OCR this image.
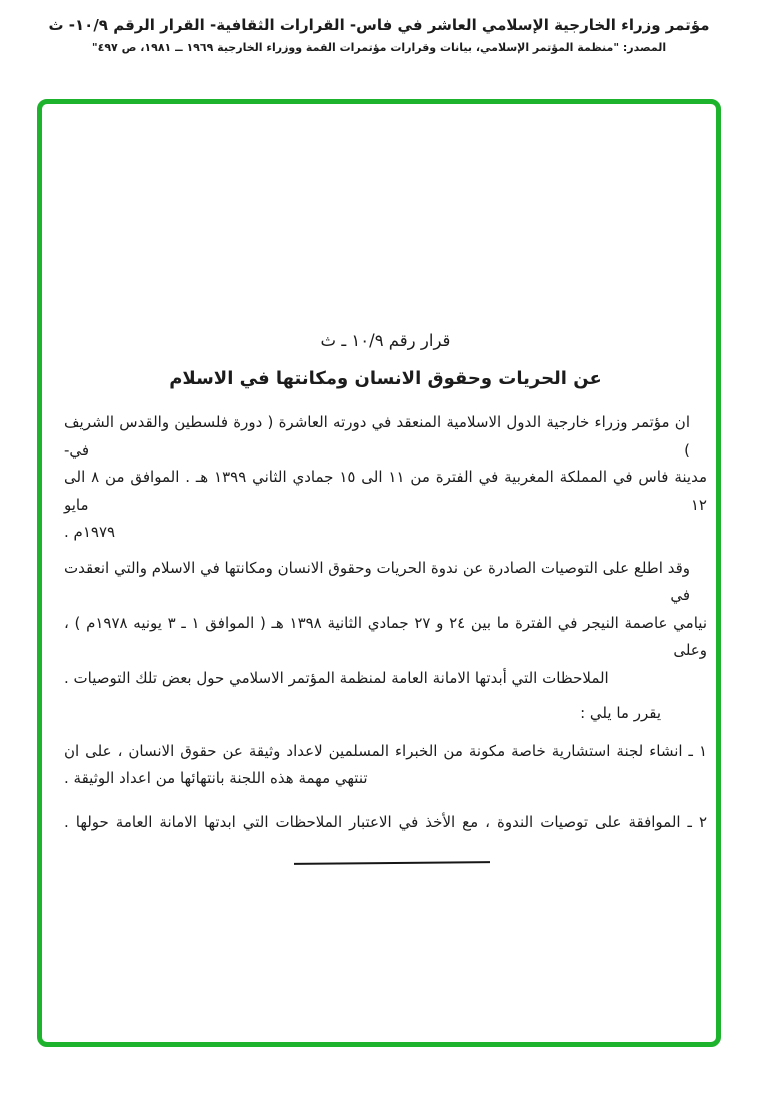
مؤتمر وزراء الخارجية الإسلامي العاشر في فاس- القرارات الثقافية- القرار الرقم ١٠/٩- ث
المصدر: "منظمة المؤتمر الإسلامي، بيانات وقرارات مؤتمرات القمة ووزراء الخارجية ١٩٦٩ ــ ١٩٨١، ص ٤٩٧"
قرار رقم ١٠/٩ ـ ث
عن الحريات وحقوق الانسان ومكانتها في الاسلام
ان مؤتمر وزراء خارجية الدول الاسلامية المنعقد في دورته العاشرة ( دورة فلسطين والقدس الشريف ) في-
مدينة فاس في المملكة المغربية في الفترة من ١١ الى ١٥ جمادي الثاني ١٣٩٩ هـ . الموافق من ٨ الى ١٢ مايو
١٩٧٩م .
وقد اطلع على التوصيات الصادرة عن ندوة الحريات وحقوق الانسان ومكانتها في الاسلام والتي انعقدت في
نيامي عاصمة النيجر في الفترة ما بين ٢٤ و ٢٧ جمادي الثانية ١٣٩٨ هـ ( الموافق ١ ـ ٣ يونيه ١٩٧٨م ) ، وعلى
الملاحظات التي أبدتها الامانة العامة لمنظمة المؤتمر الاسلامي حول بعض تلك التوصيات .
يقرر ما يلي :
١ ـ انشاء لجنة استشارية خاصة مكونة من الخبراء المسلمين لاعداد وثيقة عن حقوق الانسان ، على ان
تنتهي مهمة هذه اللجنة بانتهائها من اعداد الوثيقة .
٢ ـ الموافقة على توصيات الندوة ، مع الأخذ في الاعتبار الملاحظات التي ابدتها الامانة العامة حولها .
